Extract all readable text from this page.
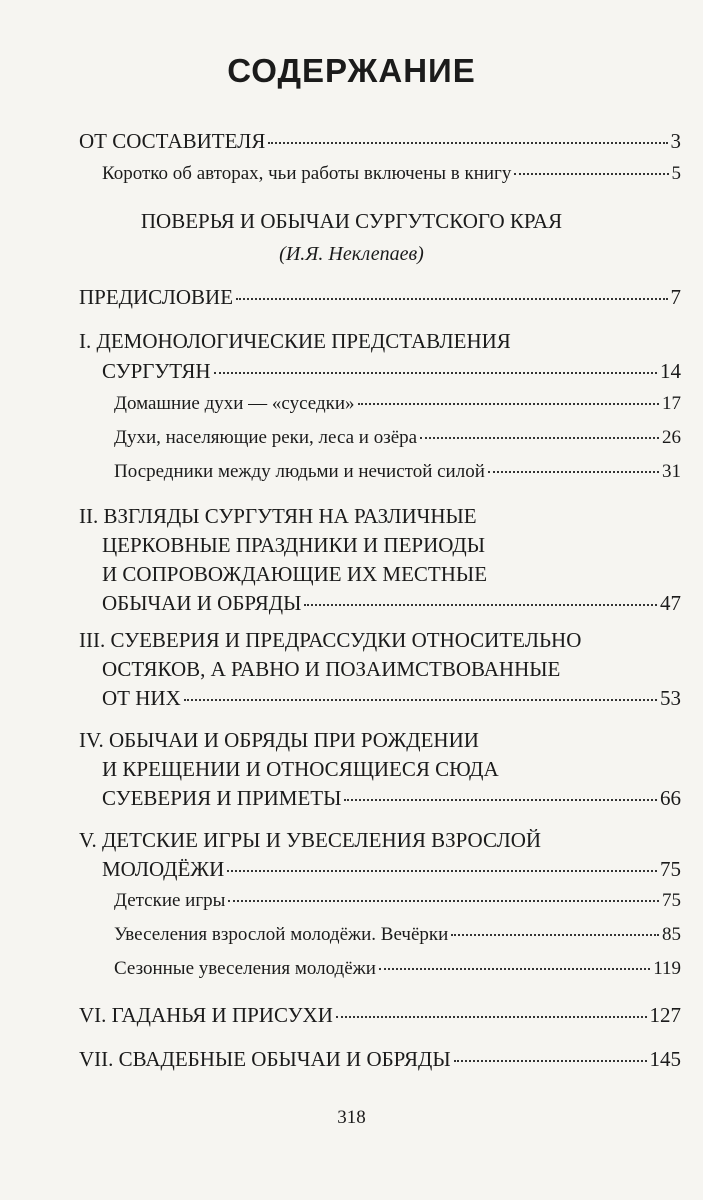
СОДЕРЖАНИЕ
ОТ СОСТАВИТЕЛЯ	3
Коротко об авторах, чьи работы включены в книгу	5
ПОВЕРЬЯ И ОБЫЧАИ СУРГУТСКОГО КРАЯ
(И.Я. Неклепаев)
ПРЕДИСЛОВИЕ	7
I. ДЕМОНОЛОГИЧЕСКИЕ ПРЕДСТАВЛЕНИЯ
СУРГУТЯН	14
Домашние духи — «суседки»	17
Духи, населяющие реки, леса и озёра	26
Посредники между людьми и нечистой силой	31
II. ВЗГЛЯДЫ СУРГУТЯН НА РАЗЛИЧНЫЕ
ЦЕРКОВНЫЕ ПРАЗДНИКИ И ПЕРИОДЫ
И СОПРОВОЖДАЮЩИЕ ИХ МЕСТНЫЕ
ОБЫЧАИ И ОБРЯДЫ	47
III. СУЕВЕРИЯ И ПРЕДРАССУДКИ ОТНОСИТЕЛЬНО
ОСТЯКОВ, А РАВНО И ПОЗАИМСТВОВАННЫЕ
ОТ НИХ	53
IV. ОБЫЧАИ И ОБРЯДЫ ПРИ РОЖДЕНИИ
И КРЕЩЕНИИ И ОТНОСЯЩИЕСЯ СЮДА
СУЕВЕРИЯ И ПРИМЕТЫ	66
V. ДЕТСКИЕ ИГРЫ И УВЕСЕЛЕНИЯ ВЗРОСЛОЙ
МОЛОДЁЖИ	75
Детские игры	75
Увеселения взрослой молодёжи. Вечёрки	85
Сезонные увеселения молодёжи	119
VI. ГАДАНЬЯ И ПРИСУХИ	127
VII. СВАДЕБНЫЕ ОБЫЧАИ И ОБРЯДЫ	145
318
